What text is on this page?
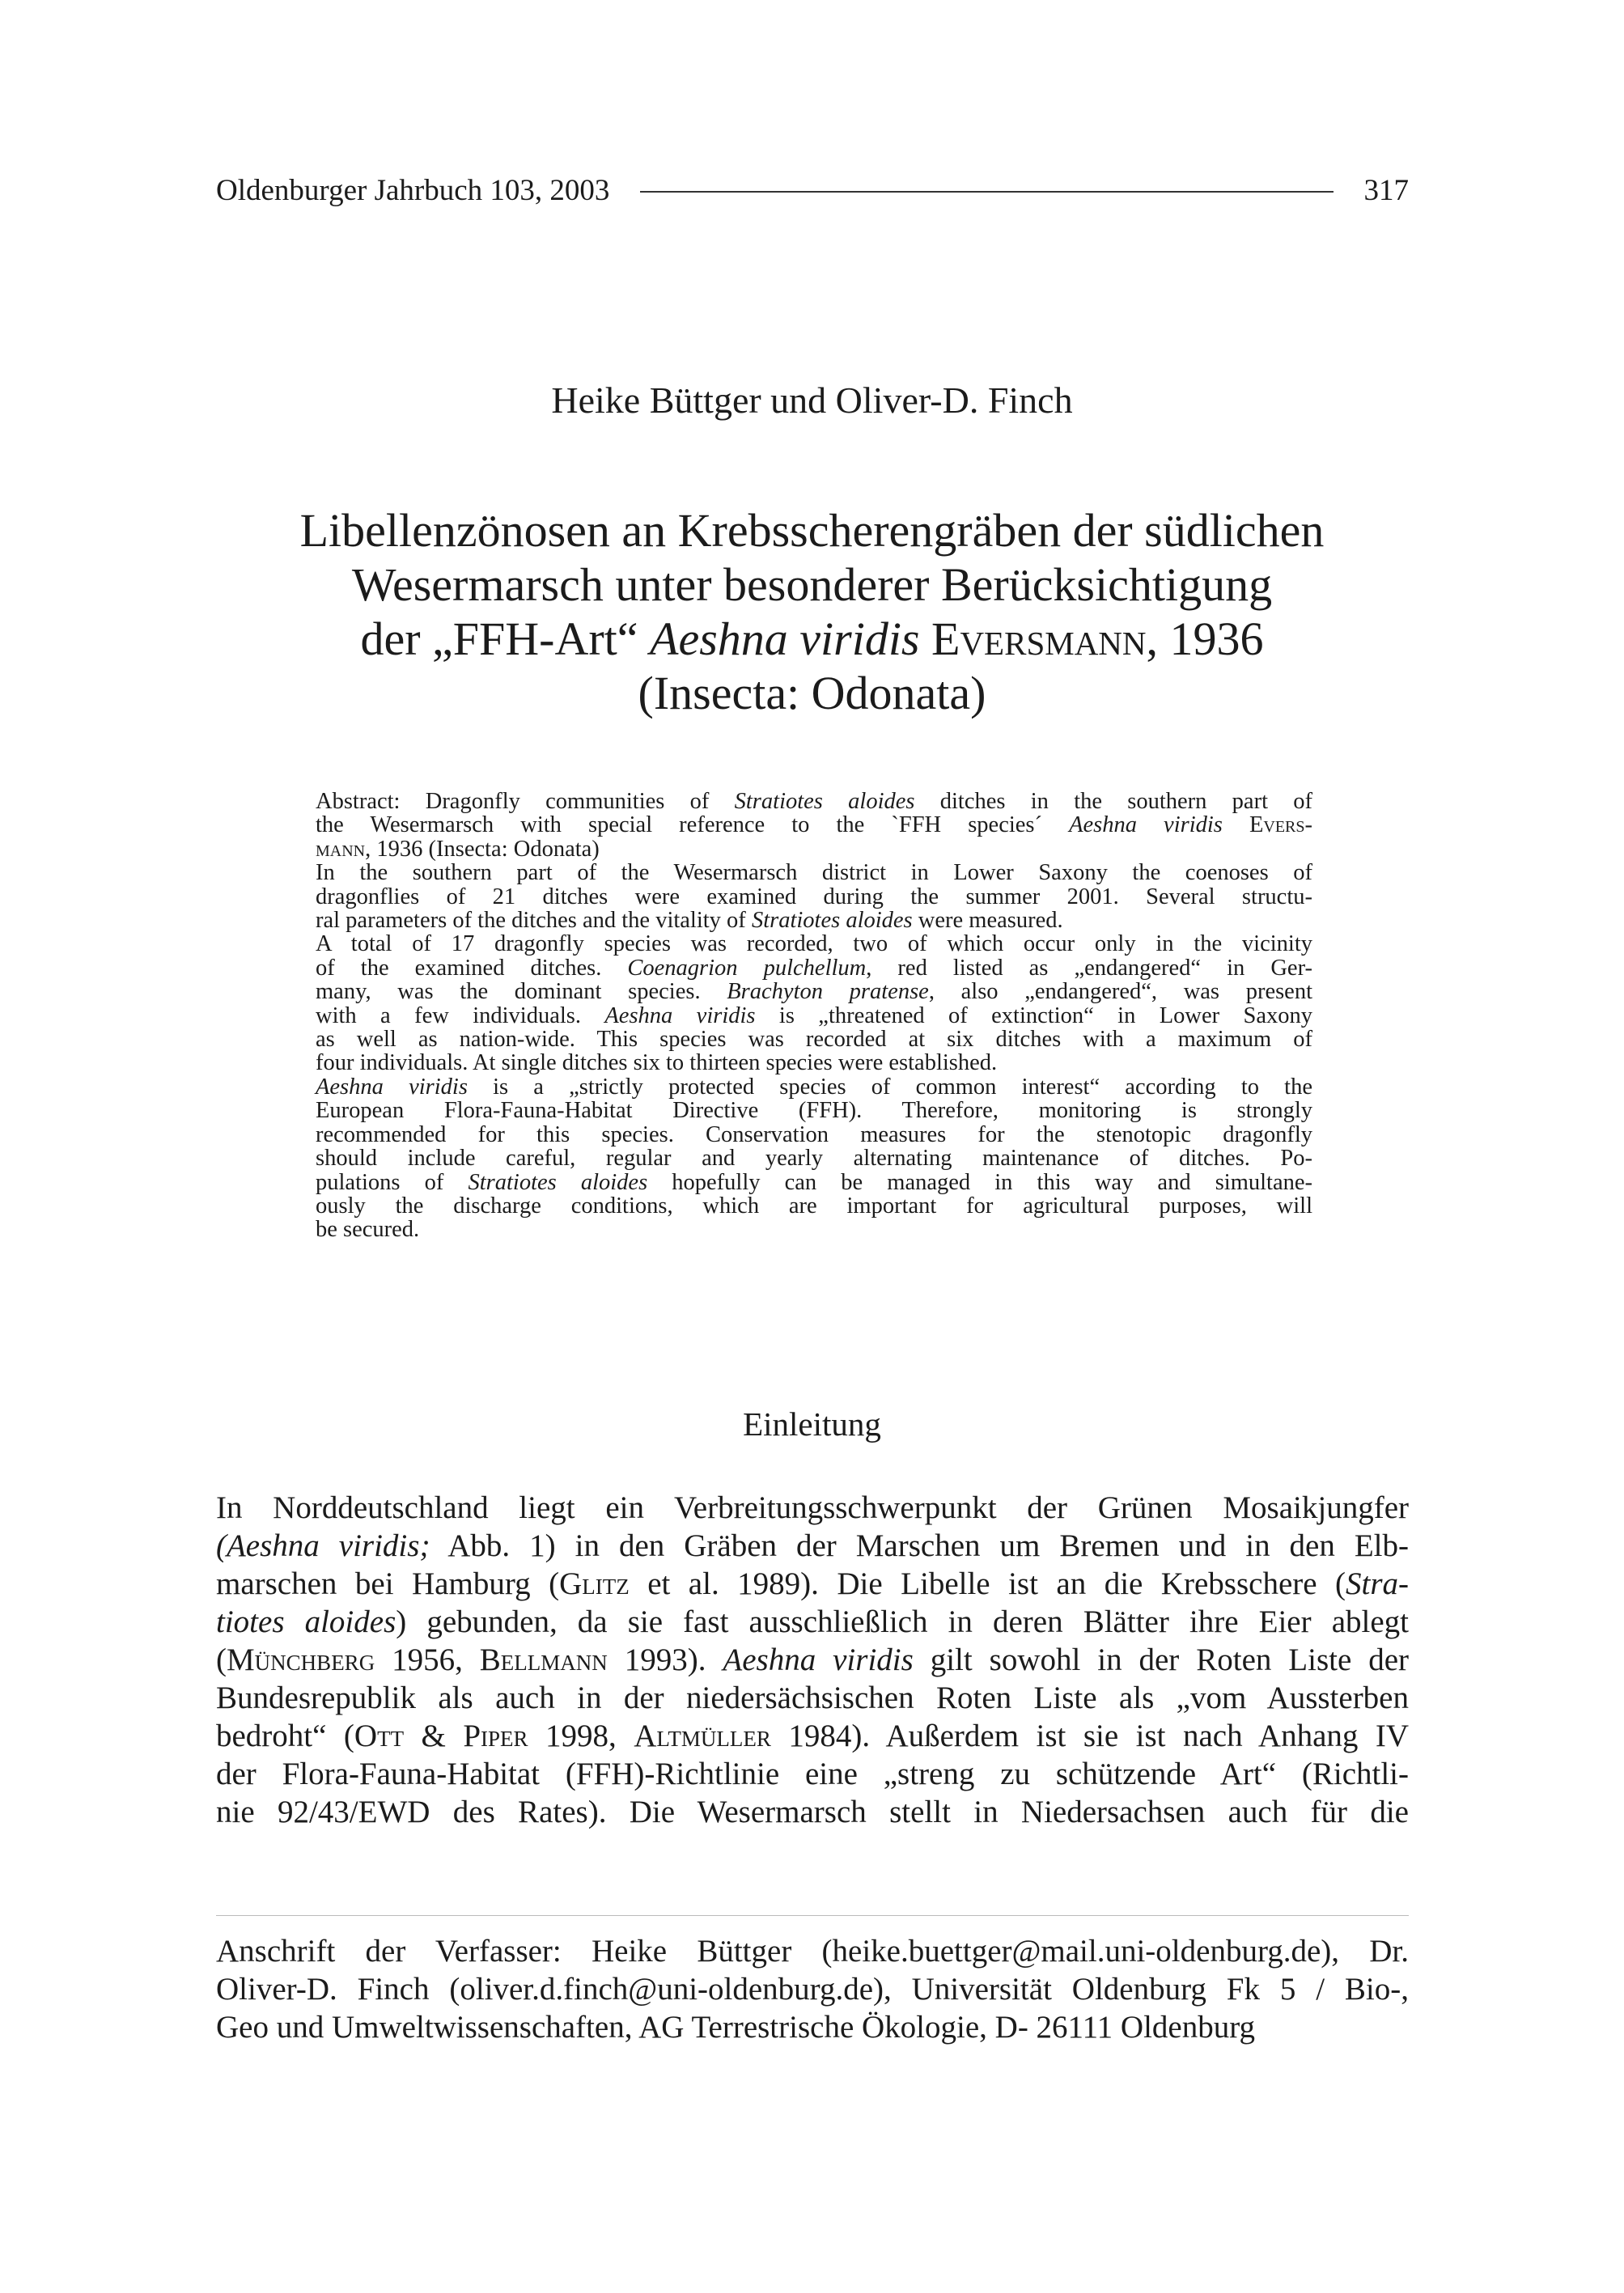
Oldenburger Jahrbuch 103, 2003	317
Heike Büttger und Oliver-D. Finch
Libellenzönosen an Krebsscherengräben der südlichen
Wesermarsch unter besonderer Berücksichtigung
der „FFH-Art“ Aeshna viridis Eversmann, 1936
(Insecta: Odonata)
Abstract: Dragonfly communities of Stratiotes aloides ditches in the southern part of
the Wesermarsch with special reference to the `FFH species´ Aeshna viridis Evers-
mann, 1936 (Insecta: Odonata)
In the southern part of the Wesermarsch district in Lower Saxony the coenoses of
dragonflies of 21 ditches were examined during the summer 2001. Several structu-
ral parameters of the ditches and the vitality of Stratiotes aloides were measured.
A total of 17 dragonfly species was recorded, two of which occur only in the vicinity
of the examined ditches. Coenagrion pulchellum, red listed as „endangered“ in Ger-
many, was the dominant species. Brachyton pratense, also „endangered“, was present
with a few individuals. Aeshna viridis is „threatened of extinction“ in Lower Saxony
as well as nation-wide. This species was recorded at six ditches with a maximum of
four individuals. At single ditches six to thirteen species were established.
Aeshna viridis is a „strictly protected species of common interest“ according to the
European Flora-Fauna-Habitat Directive (FFH). Therefore, monitoring is strongly
recommended for this species. Conservation measures for the stenotopic dragonfly
should include careful, regular and yearly alternating maintenance of ditches. Po-
pulations of Stratiotes aloides hopefully can be managed in this way and simultane-
ously the discharge conditions, which are important for agricultural purposes, will
be secured.
Einleitung
In Norddeutschland liegt ein Verbreitungsschwerpunkt der Grünen Mosaikjungfer
(Aeshna viridis; Abb. 1) in den Gräben der Marschen um Bremen und in den Elb-
marschen bei Hamburg (Glitz et al. 1989). Die Libelle ist an die Krebsschere (Stra-
tiotes aloides) gebunden, da sie fast ausschließlich in deren Blätter ihre Eier ablegt
(Münchberg 1956, Bellmann 1993). Aeshna viridis gilt sowohl in der Roten Liste der
Bundesrepublik als auch in der niedersächsischen Roten Liste als „vom Aussterben
bedroht“ (Ott & Piper 1998, Altmüller 1984). Außerdem ist sie ist nach Anhang IV
der Flora-Fauna-Habitat (FFH)-Richtlinie eine „streng zu schützende Art“ (Richtli-
nie 92/43/EWD des Rates). Die Wesermarsch stellt in Niedersachsen auch für die
Anschrift der Verfasser: Heike Büttger (heike.buettger@mail.uni-oldenburg.de), Dr.
Oliver-D. Finch (oliver.d.finch@uni-oldenburg.de), Universität Oldenburg Fk 5 / Bio-,
Geo und Umweltwissenschaften, AG Terrestrische Ökologie, D- 26111 Oldenburg
